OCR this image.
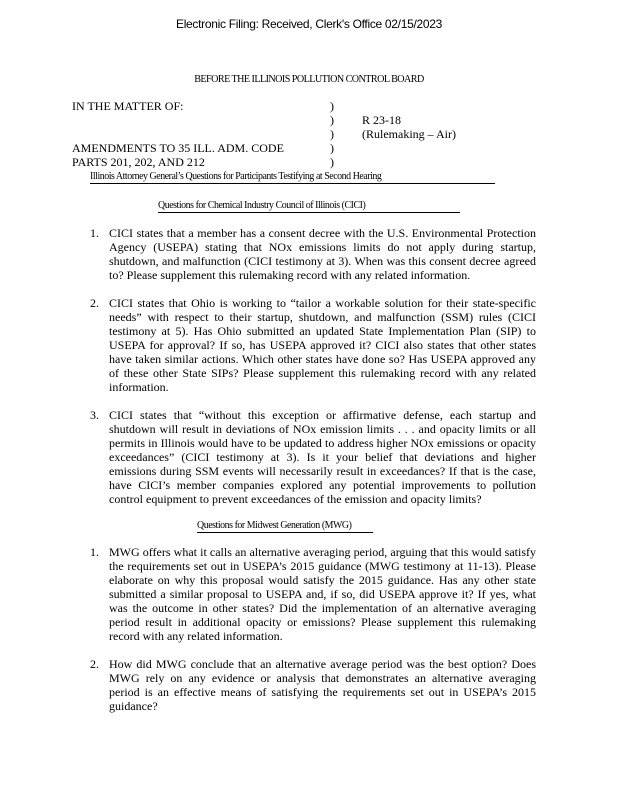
Electronic Filing: Received, Clerk's Office 02/15/2023
BEFORE THE ILLINOIS POLLUTION CONTROL BOARD
IN THE MATTER OF:
AMENDMENTS TO 35 ILL. ADM. CODE
PARTS 201, 202, AND 212
)
)
)
)
)
R 23-18
(Rulemaking – Air)
Illinois Attorney General’s Questions for Participants Testifying at Second Hearing
Questions for Chemical Industry Council of Illinois (CICI)
1. CICI states that a member has a consent decree with the U.S. Environmental Protection Agency (USEPA) stating that NOx emissions limits do not apply during startup, shutdown, and malfunction (CICI testimony at 3). When was this consent decree agreed to? Please supplement this rulemaking record with any related information.
2. CICI states that Ohio is working to “tailor a workable solution for their state-specific needs” with respect to their startup, shutdown, and malfunction (SSM) rules (CICI testimony at 5). Has Ohio submitted an updated State Implementation Plan (SIP) to USEPA for approval? If so, has USEPA approved it? CICI also states that other states have taken similar actions. Which other states have done so? Has USEPA approved any of these other State SIPs? Please supplement this rulemaking record with any related information.
3. CICI states that “without this exception or affirmative defense, each startup and shutdown will result in deviations of NOx emission limits . . . and opacity limits or all permits in Illinois would have to be updated to address higher NOx emissions or opacity exceedances” (CICI testimony at 3). Is it your belief that deviations and higher emissions during SSM events will necessarily result in exceedances? If that is the case, have CICI’s member companies explored any potential improvements to pollution control equipment to prevent exceedances of the emission and opacity limits?
Questions for Midwest Generation (MWG)
1. MWG offers what it calls an alternative averaging period, arguing that this would satisfy the requirements set out in USEPA’s 2015 guidance (MWG testimony at 11-13). Please elaborate on why this proposal would satisfy the 2015 guidance. Has any other state submitted a similar proposal to USEPA and, if so, did USEPA approve it? If yes, what was the outcome in other states? Did the implementation of an alternative averaging period result in additional opacity or emissions? Please supplement this rulemaking record with any related information.
2. How did MWG conclude that an alternative average period was the best option? Does MWG rely on any evidence or analysis that demonstrates an alternative averaging period is an effective means of satisfying the requirements set out in USEPA’s 2015 guidance?
